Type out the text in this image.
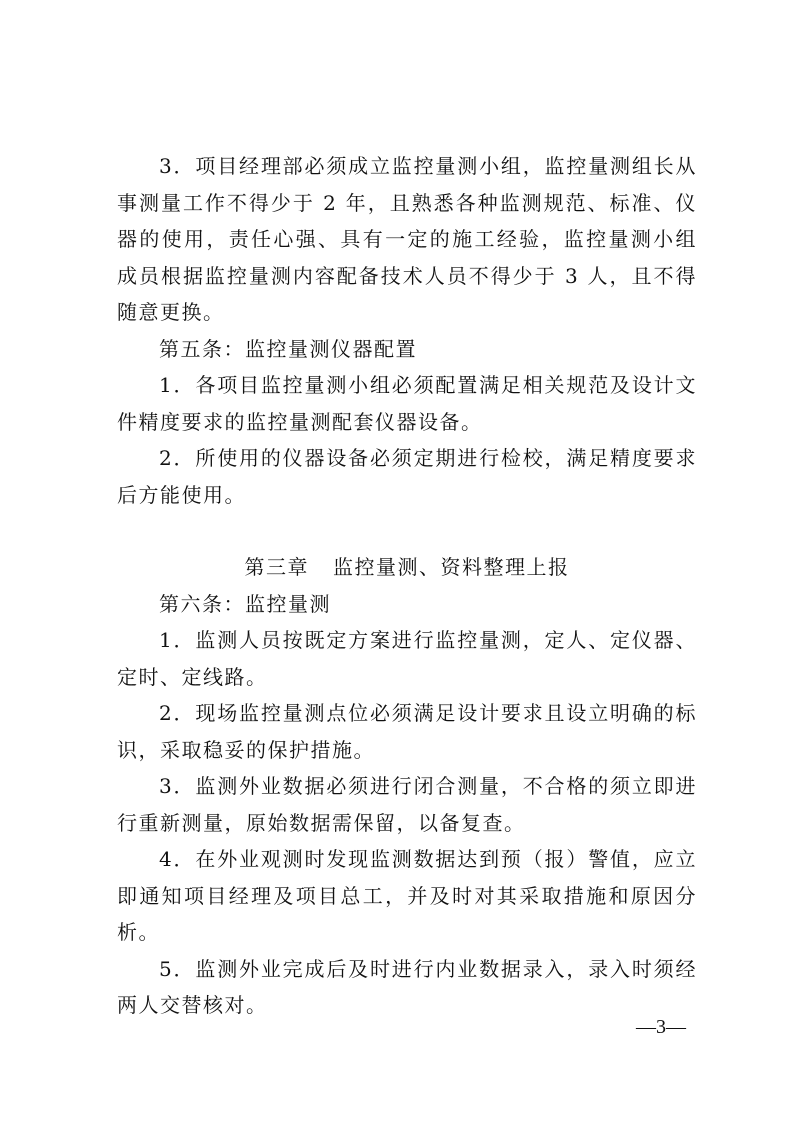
3．项目经理部必须成立监控量测小组，监控量测组长从事测量工作不得少于 2 年，且熟悉各种监测规范、标准、仪器的使用，责任心强、具有一定的施工经验，监控量测小组成员根据监控量测内容配备技术人员不得少于 3 人，且不得随意更换。

第五条：监控量测仪器配置

1．各项目监控量测小组必须配置满足相关规范及设计文件精度要求的监控量测配套仪器设备。

2．所使用的仪器设备必须定期进行检校，满足精度要求后方能使用。

第三章 监控量测、资料整理上报

第六条：监控量测

1．监测人员按既定方案进行监控量测，定人、定仪器、定时、定线路。

2．现场监控量测点位必须满足设计要求且设立明确的标识，采取稳妥的保护措施。

3．监测外业数据必须进行闭合测量，不合格的须立即进行重新测量，原始数据需保留，以备复查。

4．在外业观测时发现监测数据达到预（报）警值，应立即通知项目经理及项目总工，并及时对其采取措施和原因分析。

5．监测外业完成后及时进行内业数据录入，录入时须经两人交替核对。

—3—
